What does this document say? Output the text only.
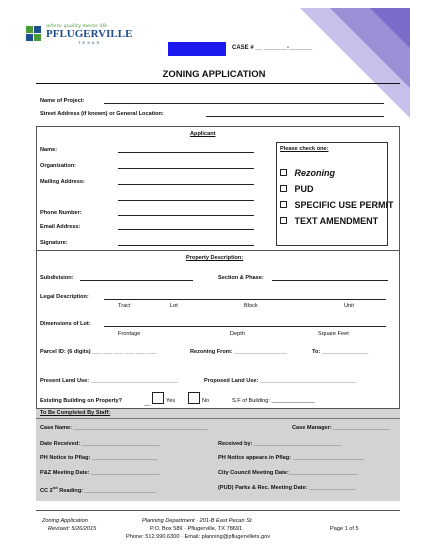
where quality meets life
PFLUGERVILLE
TEXAS
CASE # __ _______-_______
ZONING APPLICATION
Name of Project:
Street Address (if known) or General Location:
Applicant
Name:
Organization:
Mailing Address:
Phone Number:
Email Address:
Signature:
Please check one:
Rezoning
PUD
SPECIFIC USE PERMIT
TEXT AMENDMENT
Property Description:
Subdivision:	Section & Phase:
Legal Description:
Tract	Lot	Block	Unit
Dimensions of Lot:
Frontage	Depth	Square Feet
Parcel ID: (6 digits) ___ ___ ___ ___ ___ ___	Rezoning From: _________________	To: _______________
Present Land Use: ____________________________	Proposed Land Use: _______________________________
Existing Building on Property?	__	Yes	No	S.F of Building: ______________
To Be Completed By Staff:
Case Name: ___________________________________________	Case Manager: __________________
Date Received: _________________________	Received by: ____________________________
PH Notice to Pflag: _____________________	PH Notice appears in Pflag: _______________________
P&Z Meeting Date: ______________________	City Council Meeting Date:______________________
CC 2nd Reading: _______________________	(PUD) Parks & Rec. Meeting Date: _______________
Zoning Application
Revised: 5/26/2015
Planning Department · 201-B East Pecan St.
P.O. Box 589 · Pflugerville, TX 78691
Phone: 512.990.6300 · Email: planning@pflugervilletx.gov
Page 1 of 5
